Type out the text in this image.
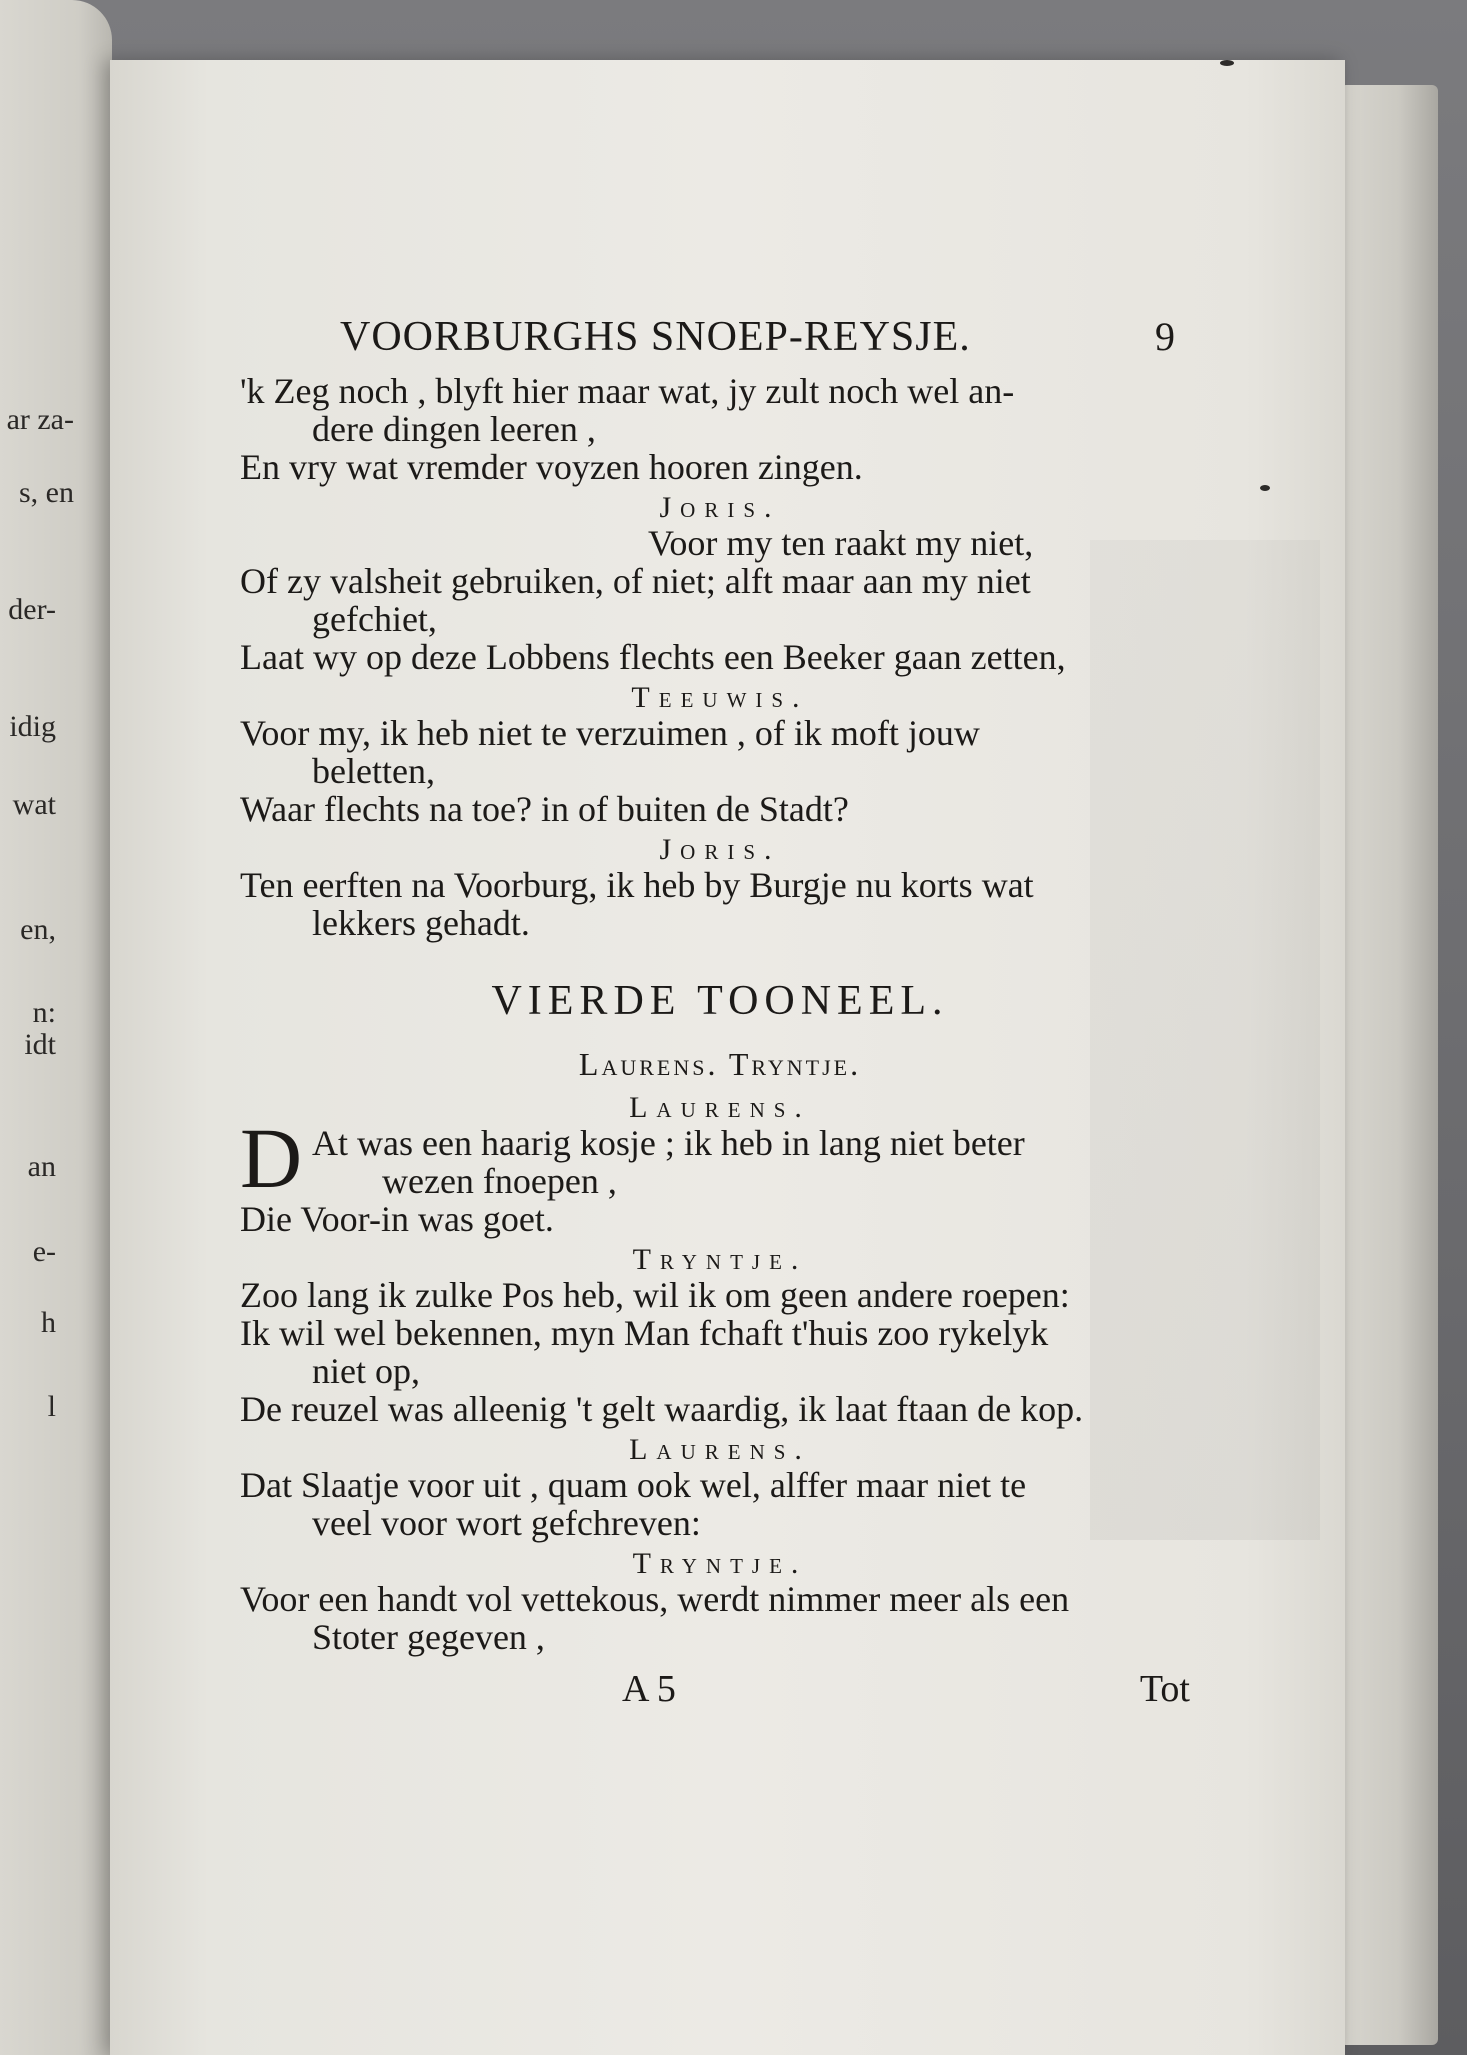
ar za-
s, en
der-
idig
wat
en,
n:
idt
an
e-
h
l
VOORBURGHS SNOEP-REYSJE.	9
'k Zeg noch , blyft hier maar wat, jy zult noch wel an-
dere dingen leeren ,
En vry wat vremder voyzen hooren zingen.
Joris.
Voor my ten raakt my niet,
Of zy valsheit gebruiken, of niet; alft maar aan my niet
gefchiet,
Laat wy op deze Lobbens flechts een Beeker gaan zetten,
Teeuwis.
Voor my, ik heb niet te verzuimen , of ik moft jouw
beletten,
Waar flechts na toe? in of buiten de Stadt?
Joris.
Ten eerften na Voorburg, ik heb by Burgje nu korts wat
lekkers gehadt.
VIERDE TOONEEL.
Laurens. Tryntje.
Laurens.
D At was een haarig kosje ; ik heb in lang niet beter
wezen fnoepen ,
Die Voor-in was goet.
Tryntje.
Zoo lang ik zulke Pos heb, wil ik om geen andere roepen:
Ik wil wel bekennen, myn Man fchaft t'huis zoo rykelyk
niet op,
De reuzel was alleenig 't gelt waardig, ik laat ftaan de kop.
Laurens.
Dat Slaatje voor uit , quam ook wel, alffer maar niet te
veel voor wort gefchreven:
Tryntje.
Voor een handt vol vettekous, werdt nimmer meer als een
Stoter gegeven ,
A 5	Tot
